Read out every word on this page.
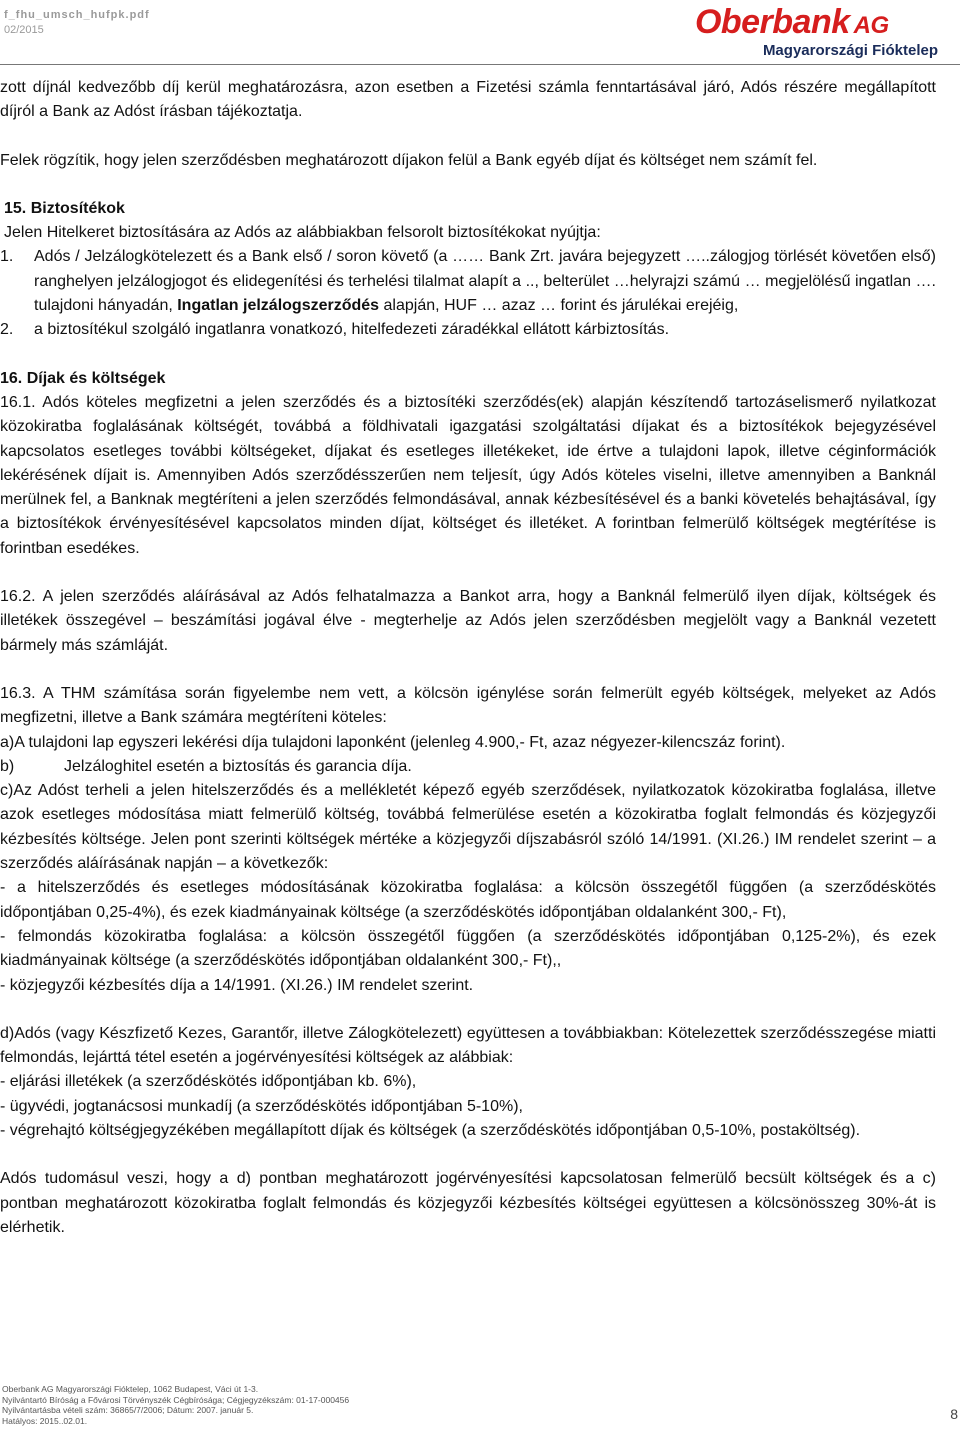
f_fhu_umsch_hufpk.pdf
02/2015	Oberbank AG
Magyarországi Fióktelep

zott díjnál kedvezőbb díj kerül meghatározásra, azon esetben a Fizetési számla fenntartásával járó, Adós részére megállapított díjról a Bank az Adóst írásban tájékoztatja.

Felek rögzítik, hogy jelen szerződésben meghatározott díjakon felül a Bank egyéb díjat és költséget nem számít fel.

15. Biztosítékok

Jelen Hitelkeret biztosítására az Adós az alábbiakban felsorolt biztosítékokat nyújtja:

1.	Adós / Jelzálogkötelezett és a Bank első / soron követő (a …… Bank Zrt. javára bejegyzett …..zálogjog törlését követően első) ranghelyen jelzálogjogot és elidegenítési és terhelési tilalmat alapít a .., belterület …helyrajzi számú … megjelölésű ingatlan …. tulajdoni hányadán, Ingatlan jelzálogszerződés alapján, HUF … azaz … forint és járulékai erejéig,
2.	a biztosítékul szolgáló ingatlanra vonatkozó, hitelfedezeti záradékkal ellátott kárbiztosítás.

16. Díjak és költségek

16.1. Adós köteles megfizetni a jelen szerződés és a biztosítéki szerződés(ek) alapján készítendő tartozáselismerő nyilatkozat közokiratba foglalásának költségét, továbbá a földhivatali igazgatási szolgáltatási díjakat és a biztosítékok bejegyzésével kapcsolatos esetleges további költségeket, díjakat és esetleges illetékeket, ide értve a tulajdoni lapok, illetve céginformációk lekérésének díjait is. Amennyiben Adós szerződésszerűen nem teljesít, úgy Adós köteles viselni, illetve amennyiben a Banknál merülnek fel, a Banknak megtéríteni a jelen szerződés felmondásával, annak kézbesítésével és a banki követelés behajtásával, így a biztosítékok érvényesítésével kapcsolatos minden díjat, költséget és illetéket. A forintban felmerülő költségek megtérítése is forintban esedékes.

16.2. A jelen szerződés aláírásával az Adós felhatalmazza a Bankot arra, hogy a Banknál felmerülő ilyen díjak, költségek és illetékek összegével – beszámítási jogával élve - megterhelje az Adós jelen szerződésben megjelölt vagy a Banknál vezetett bármely más számláját.

16.3. A THM számítása során figyelembe nem vett, a kölcsön igénylése során felmerült egyéb költségek, melyeket az Adós megfizetni, illetve a Bank számára megtéríteni köteles:

a)A tulajdoni lap egyszeri lekérési díja tulajdoni laponként (jelenleg 4.900,- Ft, azaz négyezer-kilencszáz forint).

b)	Jelzáloghitel esetén a biztosítás és garancia díja.

c)Az Adóst terheli a jelen hitelszerződés és a mellékletét képező egyéb szerződések, nyilatkozatok közokiratba foglalása, illetve azok esetleges módosítása miatt felmerülő költség, továbbá felmerülése esetén a közokiratba foglalt felmondás és közjegyzői kézbesítés költsége. Jelen pont szerinti költségek mértéke a közjegyzői díjszabásról szóló 14/1991. (XI.26.) IM rendelet szerint – a szerződés aláírásának napján – a következők:

- a hitelszerződés és esetleges módosításának közokiratba foglalása: a kölcsön összegétől függően (a szerződéskötés időpontjában 0,25-4%), és ezek kiadmányainak költsége (a szerződéskötés időpontjában oldalanként 300,- Ft),

- felmondás közokiratba foglalása: a kölcsön összegétől függően (a szerződéskötés időpontjában 0,125-2%), és ezek kiadmányainak költsége (a szerződéskötés időpontjában oldalanként 300,- Ft),,

- közjegyzői kézbesítés díja a 14/1991. (XI.26.) IM rendelet szerint.

d)Adós (vagy Készfizető Kezes, Garantőr, illetve Zálogkötelezett) együttesen a továbbiakban: Kötelezettek szerződésszegése miatti felmondás, lejárttá tétel esetén a jogérvényesítési költségek az alábbiak:

- eljárási illetékek (a szerződéskötés időpontjában kb. 6%),

- ügyvédi, jogtanácsosi munkadíj (a szerződéskötés időpontjában 5-10%),

- végrehajtó költségjegyzékében megállapított díjak és költségek (a szerződéskötés időpontjában 0,5-10%, postaköltség).

Adós tudomásul veszi, hogy a d) pontban meghatározott jogérvényesítési kapcsolatosan felmerülő becsült költségek és a c) pontban meghatározott közokiratba foglalt felmondás és közjegyzői kézbesítés költségei együttesen a kölcsönösszeg 30%-át is elérhetik.

Oberbank AG Magyarországi Fióktelep, 1062 Budapest, Váci út 1-3.
Nyilvántartó Bíróság a Fővárosi Törvényszék Cégbírósága; Cégjegyzékszám: 01-17-000456
Nyilvántartásba vételi szám: 36865/7/2006; Dátum: 2007. január 5.
Hatályos: 2015..02.01.	8
